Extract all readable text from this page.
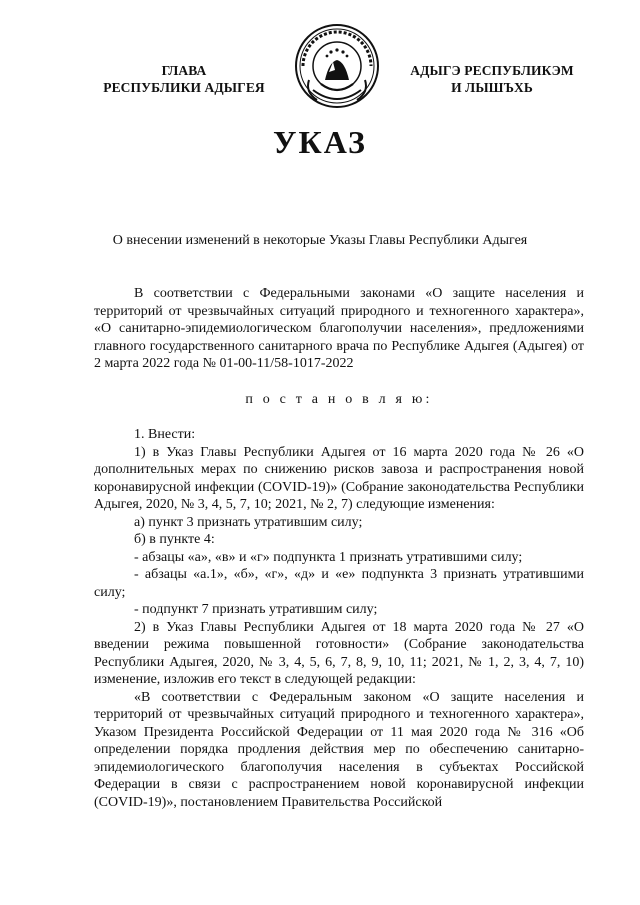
ГЛАВА
РЕСПУБЛИКИ АДЫГЕЯ
АДЫГЭ РЕСПУБЛИКЭМ
И ЛЫШЪХЬ
УКАЗ
О внесении изменений в некоторые Указы Главы Республики Адыгея

В соответствии с Федеральными законами «О защите населения и территорий от чрезвычайных ситуаций природного и техногенного характера», «О санитарно-эпидемиологическом благополучии населения», предложениями главного государственного санитарного врача по Республике Адыгея (Адыгея) от 2 марта 2022 года № 01-00-11/58-1017-2022

п о с т а н о в л я ю:

1. Внести:

1) в Указ Главы Республики Адыгея от 16 марта 2020 года № 26 «О дополнительных мерах по снижению рисков завоза и распространения новой коронавирусной инфекции (COVID-19)» (Собрание законодательства Республики Адыгея, 2020, № 3, 4, 5, 7, 10; 2021, № 2, 7) следующие изменения:

а) пункт 3 признать утратившим силу;

б) в пункте 4:

- абзацы «а», «в» и «г» подпункта 1 признать утратившими силу;

- абзацы «а.1», «б», «г», «д» и «е» подпункта 3 признать утратившими силу;

- подпункт 7 признать утратившим силу;

2) в Указ Главы Республики Адыгея от 18 марта 2020 года № 27 «О введении режима повышенной готовности» (Собрание законодательства Республики Адыгея, 2020, № 3, 4, 5, 6, 7, 8, 9, 10, 11; 2021, № 1, 2, 3, 4, 7, 10) изменение, изложив его текст в следующей редакции:

«В соответствии с Федеральным законом «О защите населения и территорий от чрезвычайных ситуаций природного и техногенного характера», Указом Президента Российской Федерации от 11 мая 2020 года № 316 «Об определении порядка продления действия мер по обеспечению санитарно-эпидемиологического благополучия населения в субъектах Российской Федерации в связи с распространением новой коронавирусной инфекции (COVID-19)», постановлением Правительства Российской
